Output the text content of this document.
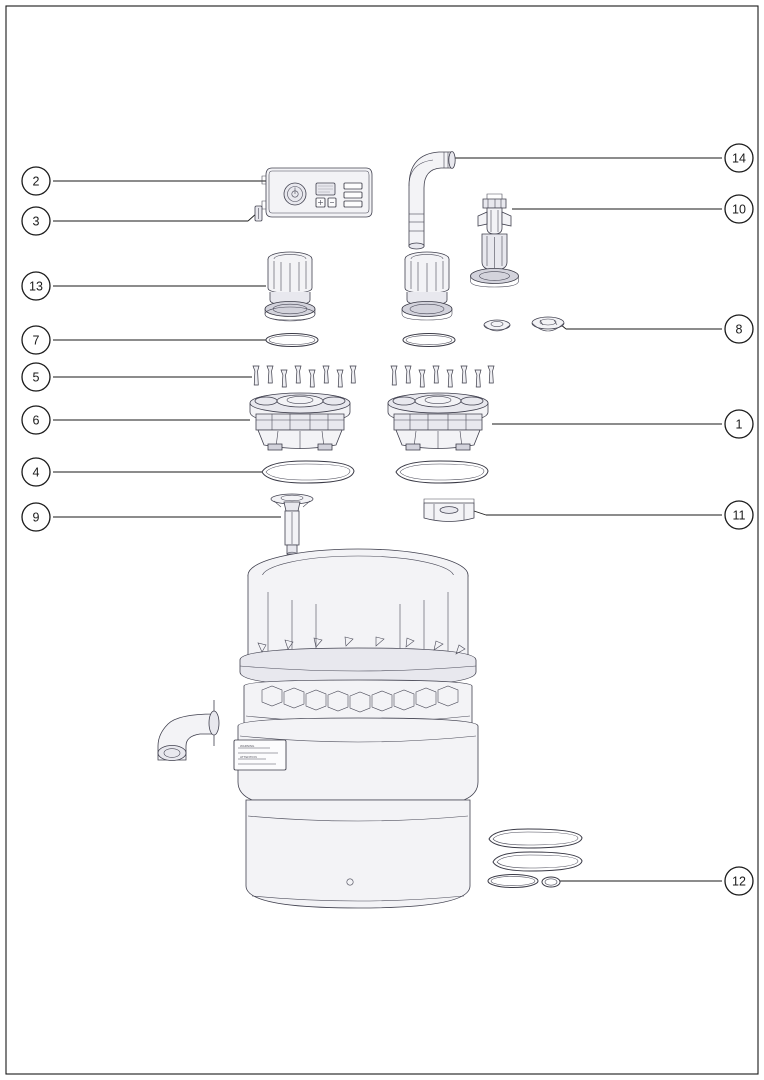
WARNING
ATTENTION
2
3
13
7
5
6
4
9
14
10
8
1
11
12
